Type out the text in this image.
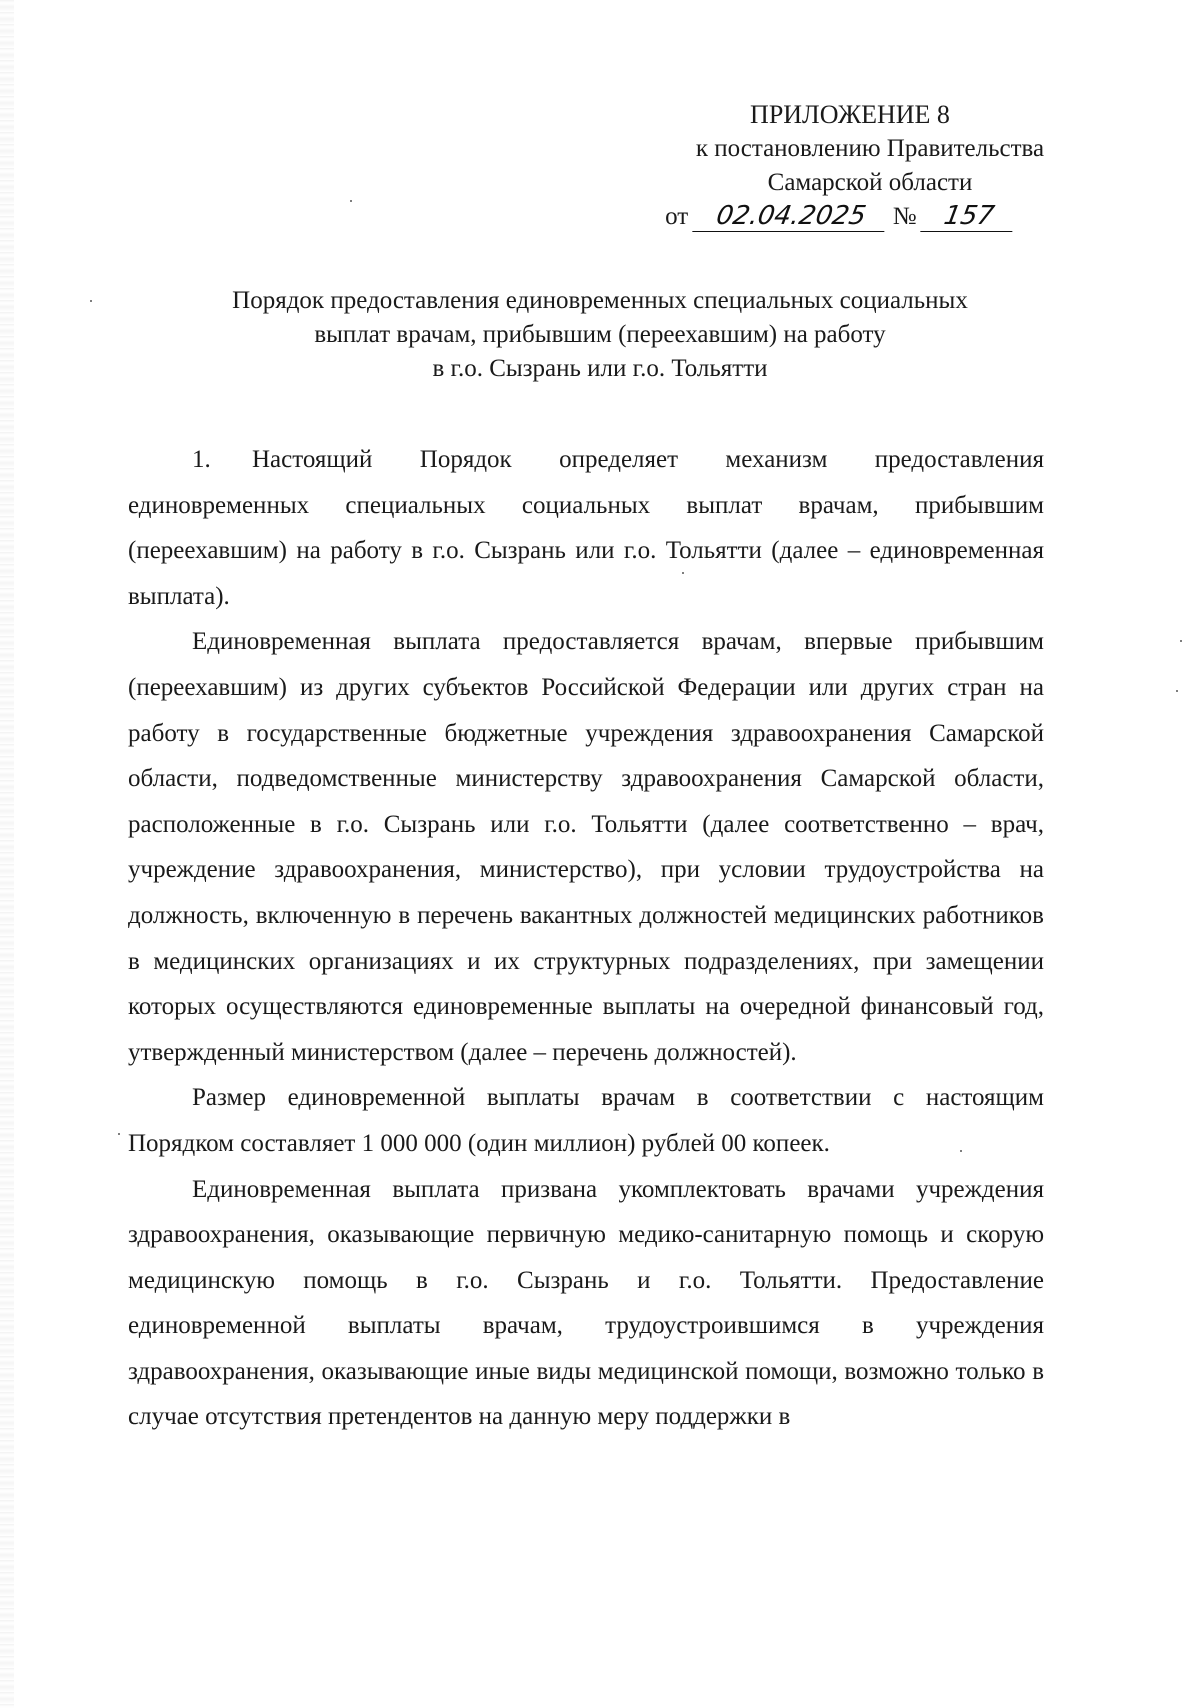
ПРИЛОЖЕНИЕ 8
к постановлению Правительства
Самарской области
от 02.04.2025 № 157
Порядок предоставления единовременных специальных социальных
выплат врачам, прибывшим (переехавшим) на работу
в г.о. Сызрань или г.о. Тольятти

1. Настоящий Порядок определяет механизм предоставления единовременных специальных социальных выплат врачам, прибывшим (переехавшим) на работу в г.о. Сызрань или г.о. Тольятти (далее – единовременная выплата).

Единовременная выплата предоставляется врачам, впервые прибывшим (переехавшим) из других субъектов Российской Федерации или других стран на работу в государственные бюджетные учреждения здравоохранения Самарской области, подведомственные министерству здравоохранения Самарской области, расположенные в г.о. Сызрань или г.о. Тольятти (далее соответственно – врач, учреждение здравоохранения, министерство), при условии трудоустройства на должность, включенную в перечень вакантных должностей медицинских работников в медицинских организациях и их структурных подразделениях, при замещении которых осуществляются единовременные выплаты на очередной финансовый год, утвержденный министерством (далее – перечень должностей).

Размер единовременной выплаты врачам в соответствии с настоящим Порядком составляет 1 000 000 (один миллион) рублей 00 копеек.

Единовременная выплата призвана укомплектовать врачами учреждения здравоохранения, оказывающие первичную медико-санитарную помощь и скорую медицинскую помощь в г.о. Сызрань и г.о. Тольятти. Предоставление единовременной выплаты врачам, трудоустроившимся в учреждения здравоохранения, оказывающие иные виды медицинской помощи, возможно только в случае отсутствия претендентов на данную меру поддержки в
